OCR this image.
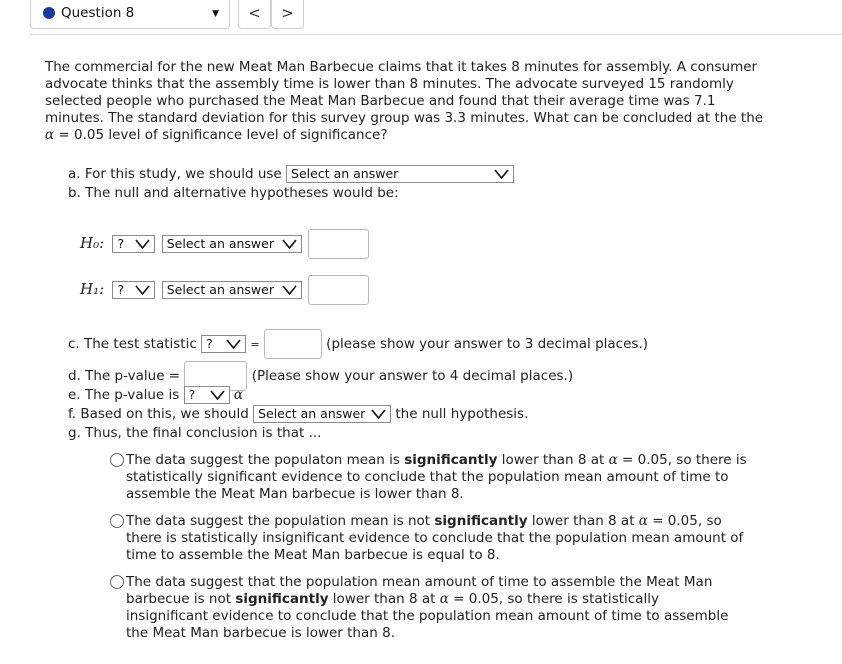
Question 8	▼ < >
The commercial for the new Meat Man Barbecue claims that it takes 8 minutes for assembly. A consumer advocate thinks that the assembly time is lower than 8 minutes. The advocate surveyed 15 randomly selected people who purchased the Meat Man Barbecue and found that their average time was 7.1 minutes. The standard deviation for this survey group was 3.3 minutes. What can be concluded at the the α = 0.05 level of significance level of significance?
a. For this study, we should use Select an answer
b. The null and alternative hypotheses would be:
H₀: ?	Select an answer

H₁: ?	Select an answer

c. The test statistic ?	=	(please show your answer to 3 decimal places.)
d. The p-value =	(Please show your answer to 4 decimal places.)
e. The p-value is ?	α
f. Based on this, we should Select an answer the null hypothesis.
g. Thus, the final conclusion is that ...
The data suggest the populaton mean is significantly lower than 8 at α = 0.05, so there is statistically significant evidence to conclude that the population mean amount of time to assemble the Meat Man barbecue is lower than 8.
The data suggest the population mean is not significantly lower than 8 at α = 0.05, so there is statistically insignificant evidence to conclude that the population mean amount of time to assemble the Meat Man barbecue is equal to 8.
The data suggest that the population mean amount of time to assemble the Meat Man barbecue is not significantly lower than 8 at α = 0.05, so there is statistically insignificant evidence to conclude that the population mean amount of time to assemble the Meat Man barbecue is lower than 8.
